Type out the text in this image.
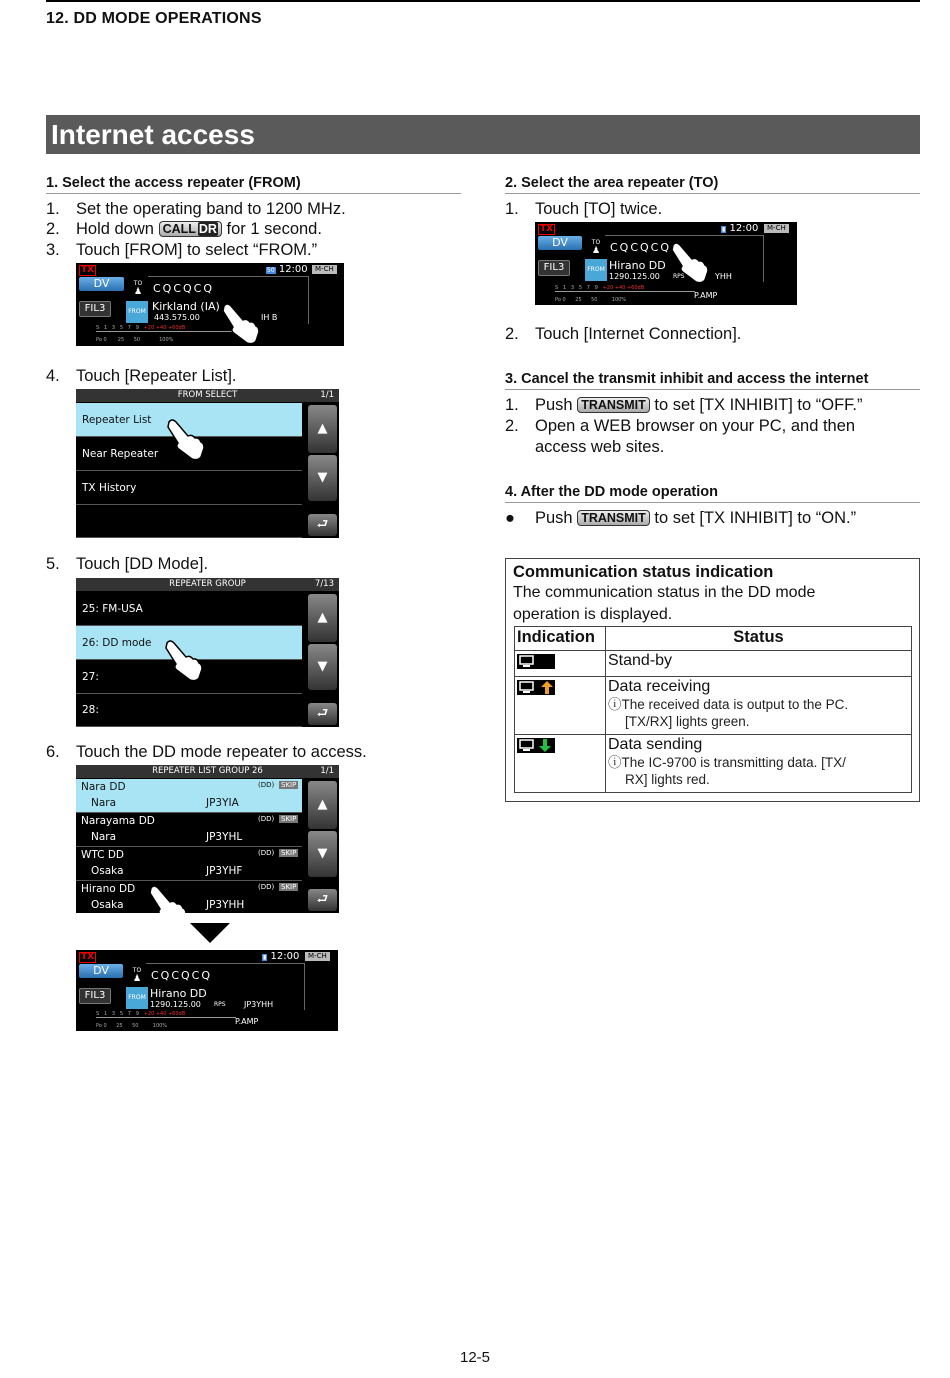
12. DD MODE OPERATIONS
Internet access
1. Select the access repeater (FROM)
1. Set the operating band to 1200 MHz.
2. Hold down CALL DR for 1 second.
3. Touch [FROM] to select “FROM.”
TX	50 12:00	M-CH
DV
FIL3
TO
♟ CQCQCQ
FROM Kirkland (IA)
443.575.00	IH B
S   1   3   5   7   9   +20 +40 +60dB
Po 0       25      50            100%
4. Touch [Repeater List].
FROM SELECT	1/1
Repeater List
Near Repeater
TX History
▲
▼
⮐
5. Touch [DD Mode].
REPEATER GROUP	7/13
25: FM-USA
26: DD mode
27:
28:
▲
▼
⮐
6. Touch the DD mode repeater to access.
REPEATER LIST GROUP 26	1/1
Nara DD
Nara	JP3YIA
(DD) SKIP
Narayama DD
Nara	JP3YHL
(DD) SKIP
WTC DD
Osaka	JP3YHF
(DD) SKIP
Hirano DD
Osaka	JP3YHH
(DD) SKIP
▲
▼
⮐
TX	▮ 12:00	M-CH
DV
FIL3
TO
♟ CQCQCQ
FROM Hirano DD
1290.125.00 RPS JP3YHH
S   1   3   5   7   9   +20 +40 +60dB
Po 0      25      50         100%	P.AMP
2. Select the area repeater (TO)
1. Touch [TO] twice.
TX	▮ 12:00	M-CH
DV
FIL3
TO
♟ CQCQCQ
FROM Hirano DD
1290.125.00 RPS	YHH
S   1   3   5   7   9   +20 +40 +60dB
Po 0      25      50         100%	P.AMP
2. Touch [Internet Connection].
3. Cancel the transmit inhibit and access the internet
1. Push TRANSMIT to set [TX INHIBIT] to “OFF.”
2. Open a WEB browser on your PC, and then
access web sites.
4. After the DD mode operation
● Push TRANSMIT to set [TX INHIBIT] to “ON.”
Communication status indication
The communication status in the DD mode
operation is displayed.
Indication	Status

	Stand-by

Data receiving
ⓘThe received data is output to the PC.
[TX/RX] lights green.

Data sending
ⓘThe IC-9700 is transmitting data. [TX/
RX] lights red.
12-5
